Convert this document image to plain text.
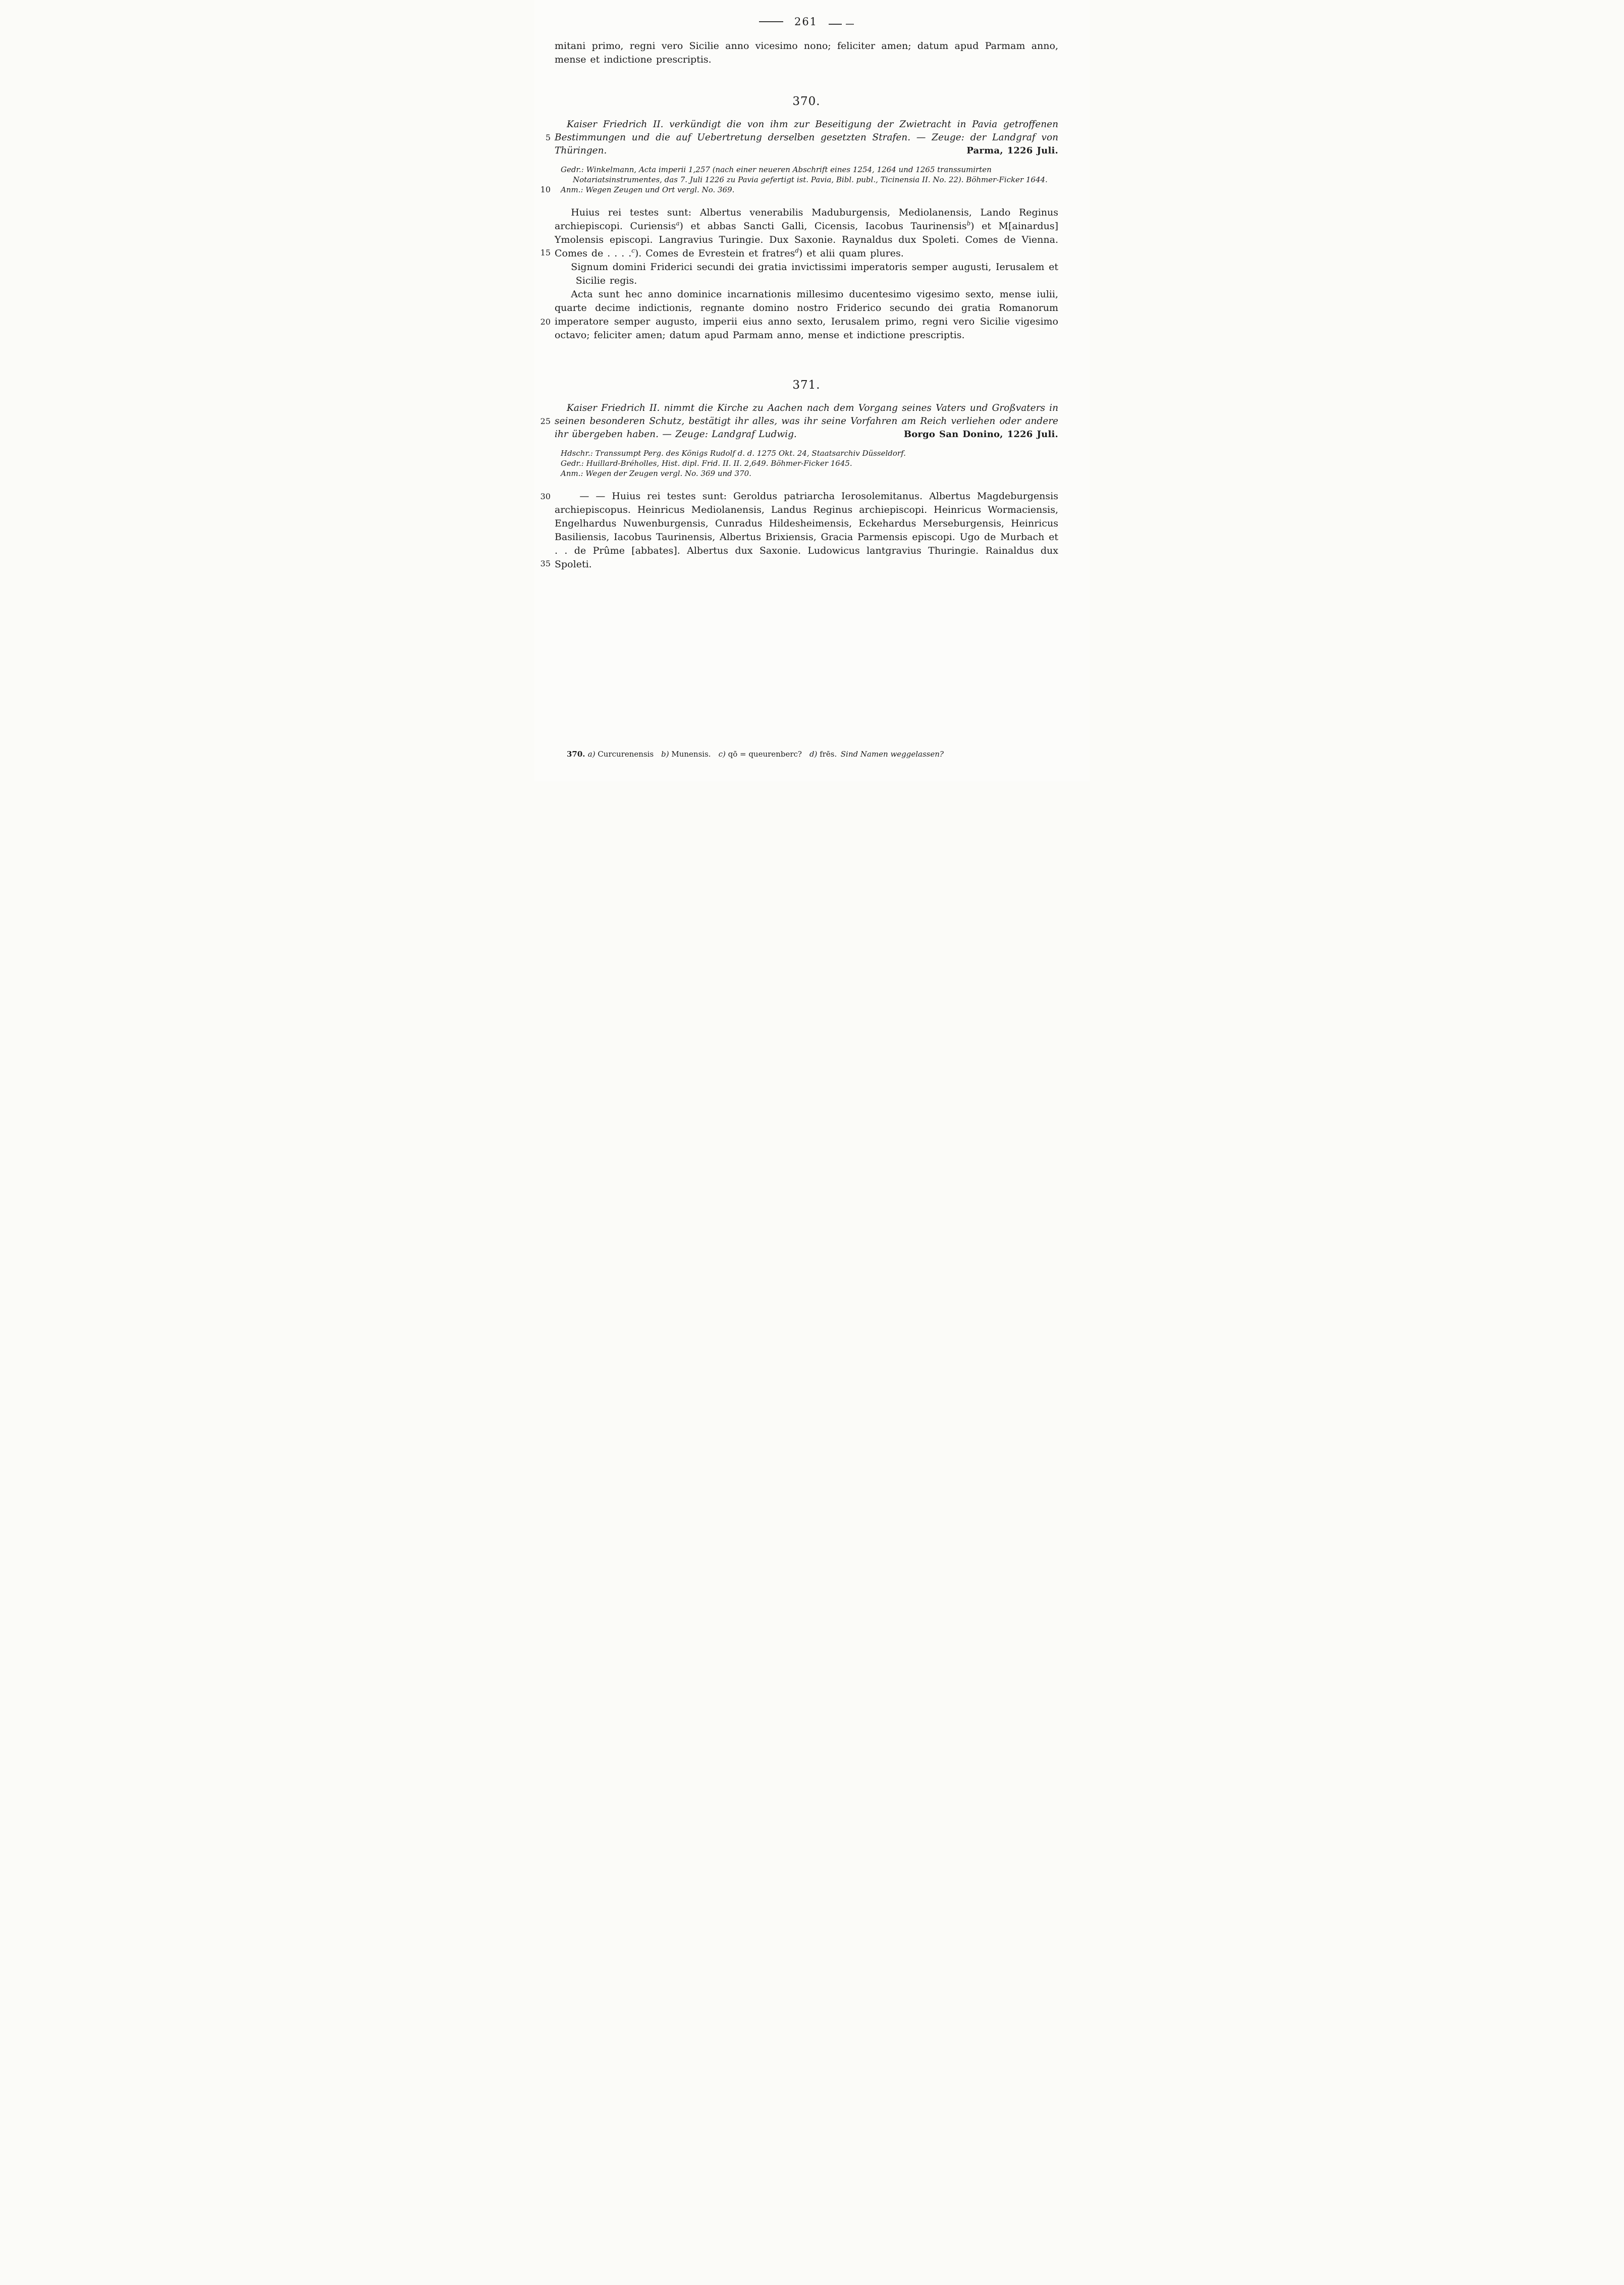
261

mitani primo, regni vero Sicilie anno vicesimo nono; feliciter amen; datum apud Parmam anno, mense et indictione prescriptis.

370.

5
Kaiser Friedrich II. verkündigt die von ihm zur Beseitigung der Zwietracht in Pavia getroffenen Bestimmungen und die auf Uebertretung derselben gesetzten Strafen. — Zeuge: der Landgraf von Thüringen.	Parma, 1226 Juli.

Gedr.: Winkelmann, Acta imperii 1,257 (nach einer neueren Abschrift eines 1254, 1264 und 1265 transsumirten Notariatsinstrumentes, das 7. Juli 1226 zu Pavia gefertigt ist. Pavia, Bibl. publ., Ticinensia II. No. 22). Böhmer-Ficker 1644.

10 Anm.: Wegen Zeugen und Ort vergl. No. 369.

15
Huius rei testes sunt: Albertus venerabilis Maduburgensis, Mediolanensis, Lando Reginus archiepiscopi. Curiensis$^a$) et abbas Sancti Galli, Cicensis, Iacobus Taurinensis$^b$) et M[ainardus] Ymolensis episcopi. Langravius Turingie. Dux Saxonie. Raynaldus dux Spoleti. Comes de Vienna. Comes de . . . .$^c$). Comes de Evrestein et fratres$^d$) et alii quam plures.

Signum domini Friderici secundi dei gratia invictissimi imperatoris semper augusti, Ierusalem et Sicilie regis.

20
Acta sunt hec anno dominice incarnationis millesimo ducentesimo vigesimo sexto, mense iulii, quarte decime indictionis, regnante domino nostro Friderico secundo dei gratia Romanorum imperatore semper augusto, imperii eius anno sexto, Ierusalem primo, regni vero Sicilie vigesimo octavo; feliciter amen; datum apud Parmam anno, mense et indictione prescriptis.

371.

25
Kaiser Friedrich II. nimmt die Kirche zu Aachen nach dem Vorgang seines Vaters und Großvaters in seinen besonderen Schutz, bestätigt ihr alles, was ihr seine Vorfahren am Reich verliehen oder andere ihr übergeben haben. — Zeuge: Landgraf Ludwig.	Borgo San Donino, 1226 Juli.

Hdschr.: Transsumpt Perg. des Königs Rudolf d. d. 1275 Okt. 24, Staatsarchiv Düsseldorf.

Gedr.: Huillard-Bréholles, Hist. dipl. Frid. II. II. 2,649. Böhmer-Ficker 1645.

Anm.: Wegen der Zeugen vergl. No. 369 und 370.

30
35
— — Huius rei testes sunt: Geroldus patriarcha Ierosolemitanus. Albertus Magdeburgensis archiepiscopus. Heinricus Mediolanensis, Landus Reginus archiepiscopi. Heinricus Wormaciensis, Engelhardus Nuwenburgensis, Cunradus Hildesheimensis, Eckehardus Merseburgensis, Heinricus Basiliensis, Iacobus Taurinensis, Albertus Brixiensis, Gracia Parmensis episcopi. Ugo de Murbach et . . de Prûme [abbates]. Albertus dux Saxonie. Ludowicus lantgravius Thuringie. Rainaldus dux Spoleti.

370. a) Curcurenensis b) Munensis. c) qō = queurenberc? d) frēs. Sind Namen weggelassen?
